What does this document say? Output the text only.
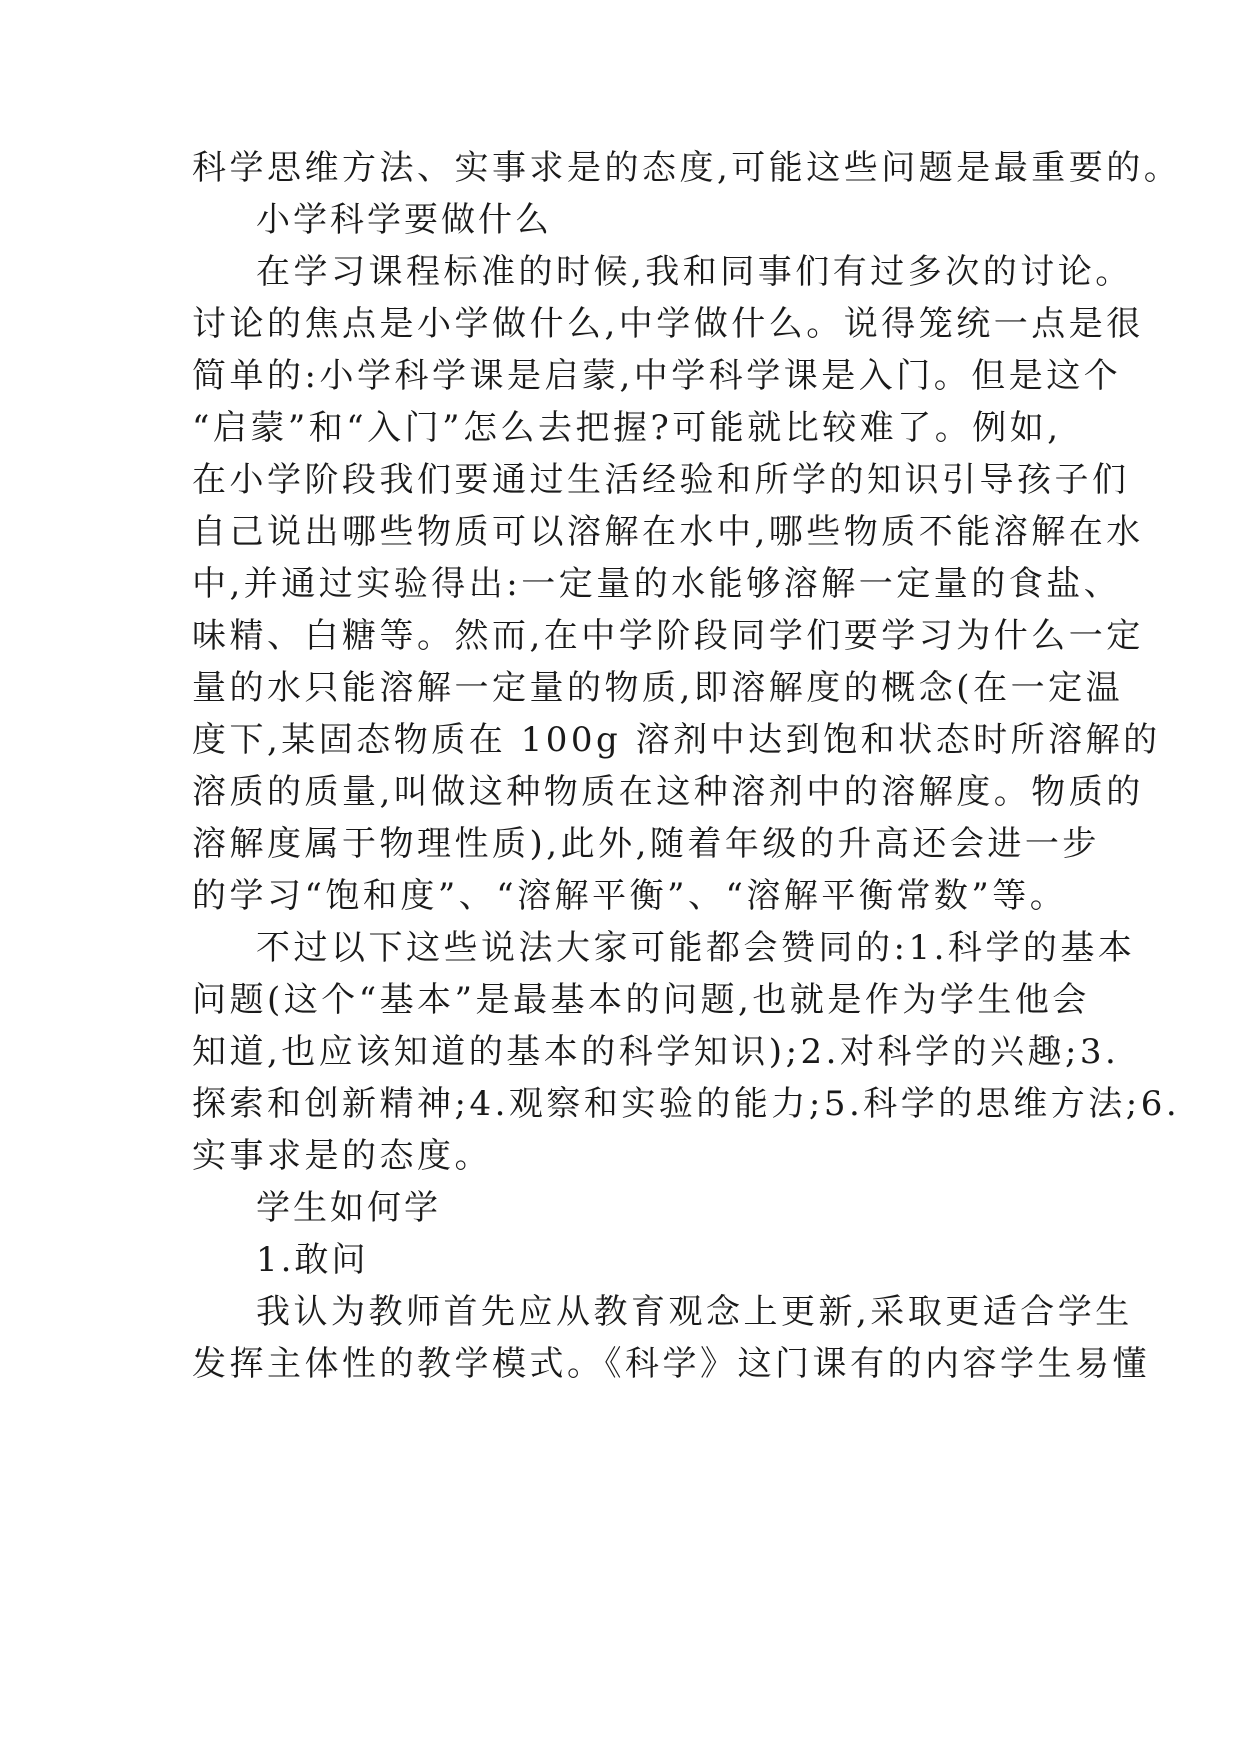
科学思维方法、实事求是的态度,可能这些问题是最重要的。
小学科学要做什么
在学习课程标准的时候,我和同事们有过多次的讨论。
讨论的焦点是小学做什么,中学做什么。说得笼统一点是很
简单的:小学科学课是启蒙,中学科学课是入门。但是这个
“启蒙”和“入门”怎么去把握?可能就比较难了。例如,
在小学阶段我们要通过生活经验和所学的知识引导孩子们
自己说出哪些物质可以溶解在水中,哪些物质不能溶解在水
中,并通过实验得出:一定量的水能够溶解一定量的食盐、
味精、白糖等。然而,在中学阶段同学们要学习为什么一定
量的水只能溶解一定量的物质,即溶解度的概念(在一定温
度下,某固态物质在 100g 溶剂中达到饱和状态时所溶解的
溶质的质量,叫做这种物质在这种溶剂中的溶解度。物质的
溶解度属于物理性质),此外,随着年级的升高还会进一步
的学习“饱和度”、“溶解平衡”、“溶解平衡常数”等。
不过以下这些说法大家可能都会赞同的:1.科学的基本
问题(这个“基本”是最基本的问题,也就是作为学生他会
知道,也应该知道的基本的科学知识);2.对科学的兴趣;3.
探索和创新精神;4.观察和实验的能力;5.科学的思维方法;6.
实事求是的态度。
学生如何学
1.敢问
我认为教师首先应从教育观念上更新,采取更适合学生
发挥主体性的教学模式。《科学》这门课有的内容学生易懂
